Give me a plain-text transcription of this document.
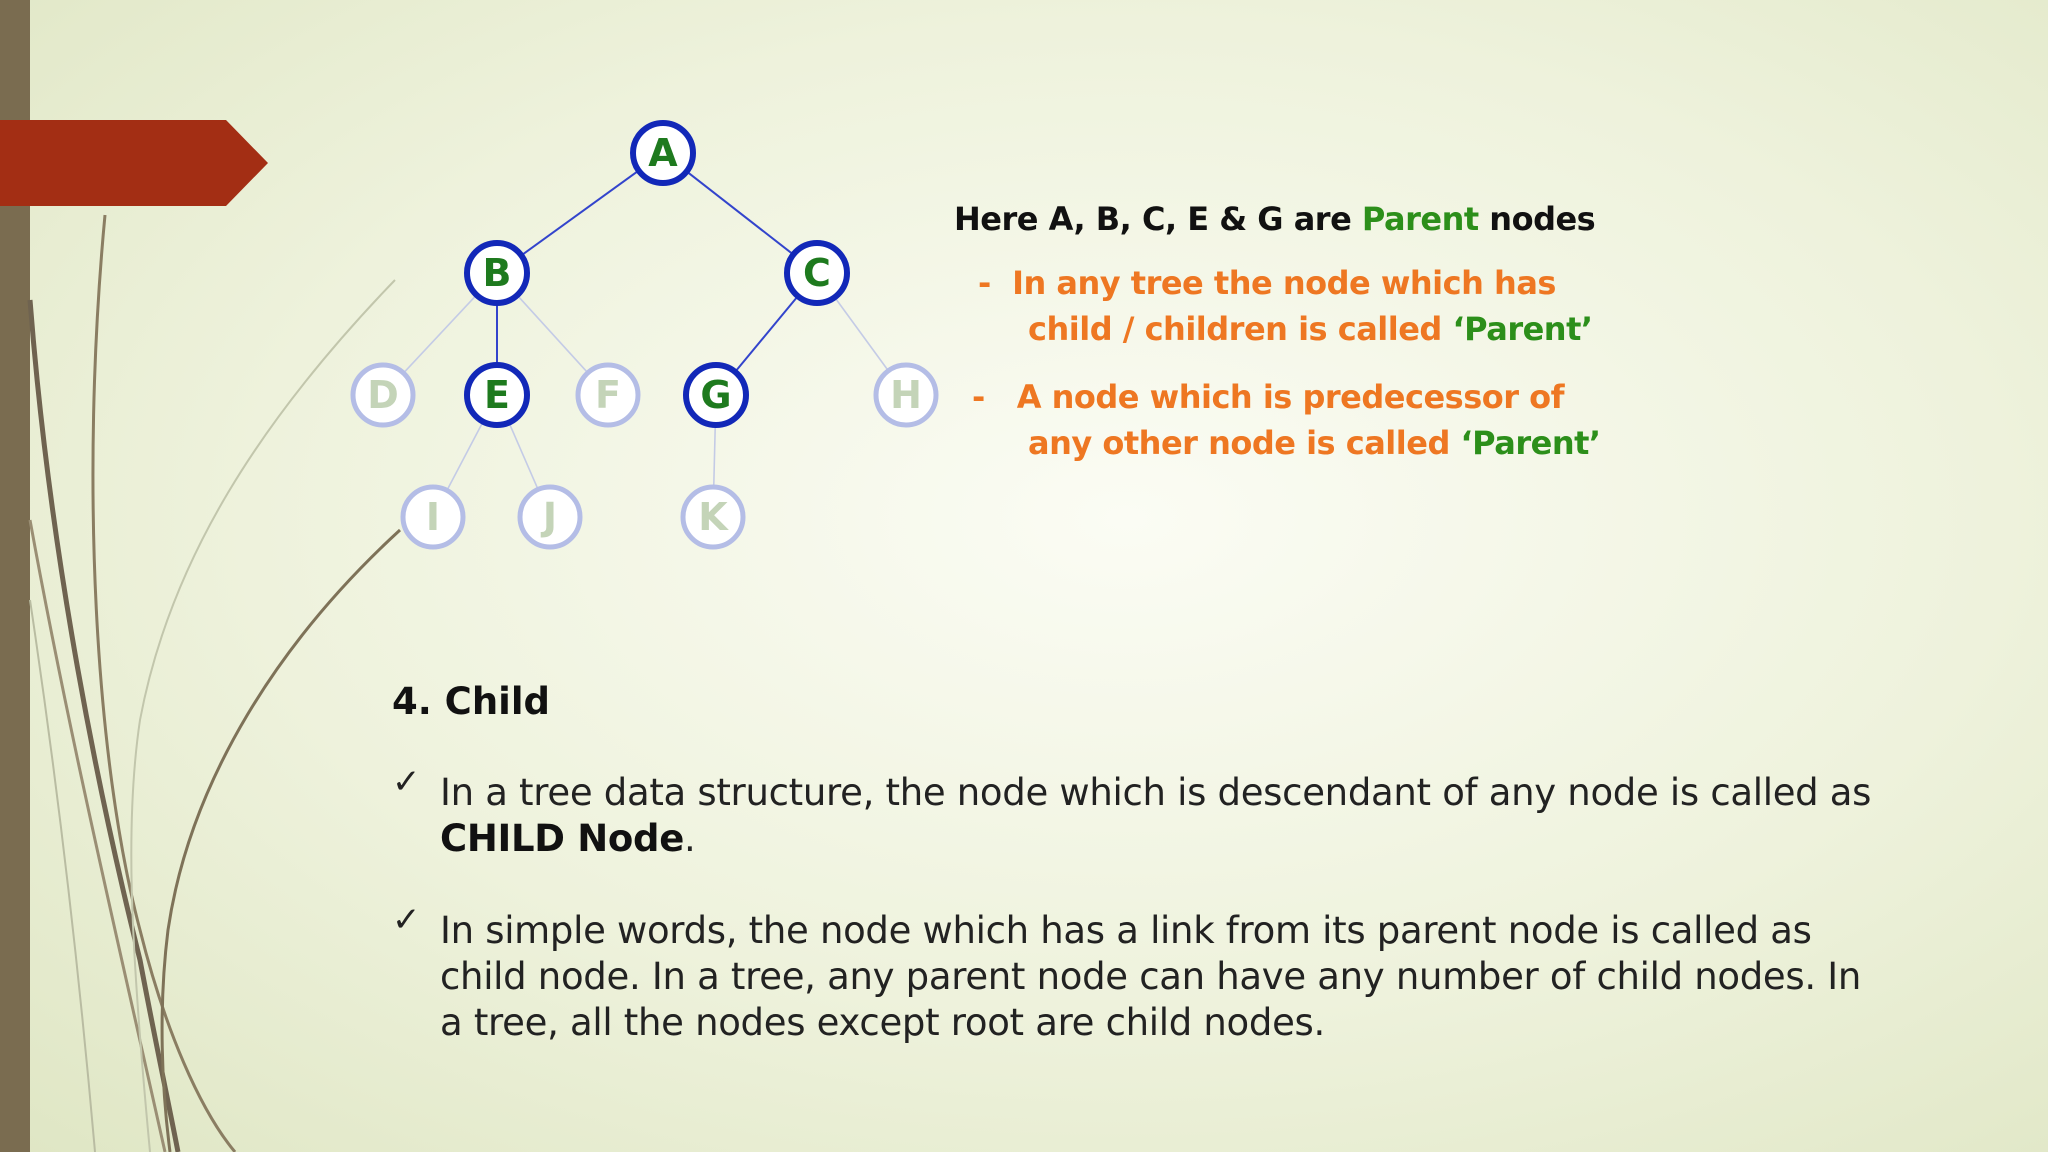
A
B	C
D E F G	H
I	J	K

Here A, B, C, E & G are Parent nodes

- In any tree the node which has

child / children is called ‘Parent’

- A node which is predecessor of

any other node is called ‘Parent’

4. Child
✓ In a tree data structure, the node which is descendant of any node is called as CHILD Node.

✓ In simple words, the node which has a link from its parent node is called as child node. In a tree, any parent node can have any number of child nodes. In a tree, all the nodes except root are child nodes.
